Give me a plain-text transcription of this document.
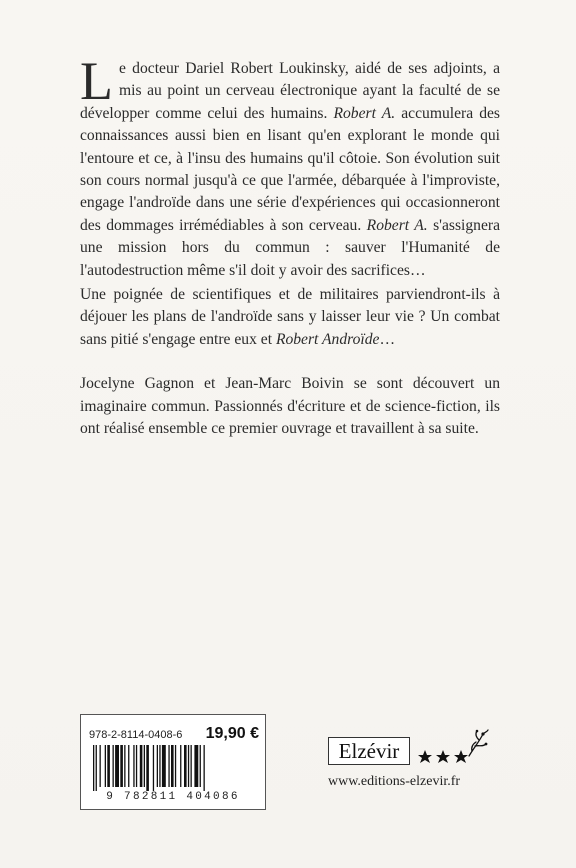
Le docteur Dariel Robert Loukinsky, aidé de ses adjoints, a mis au point un cerveau électronique ayant la faculté de se développer comme celui des humains. Robert A. accumulera des connaissances aussi bien en lisant qu'en explorant le monde qui l'entoure et ce, à l'insu des humains qu'il côtoie. Son évolution suit son cours normal jusqu'à ce que l'armée, débarquée à l'improviste, engage l'androïde dans une série d'expériences qui occasionneront des dommages irrémédiables à son cerveau. Robert A. s'assignera une mission hors du commun : sauver l'Humanité de l'autodestruction même s'il doit y avoir des sacrifices…

Une poignée de scientifiques et de militaires parviendront-ils à déjouer les plans de l'androïde sans y laisser leur vie ? Un combat sans pitié s'engage entre eux et Robert Androïde…

Jocelyne Gagnon et Jean-Marc Boivin se sont découvert un imaginaire commun. Passionnés d'écriture et de science-fiction, ils ont réalisé ensemble ce premier ouvrage et travaillent à sa suite.

978-2-8114-0408-6 19,90 €
9 782811 404086
Elzévir
www.editions-elzevir.fr
